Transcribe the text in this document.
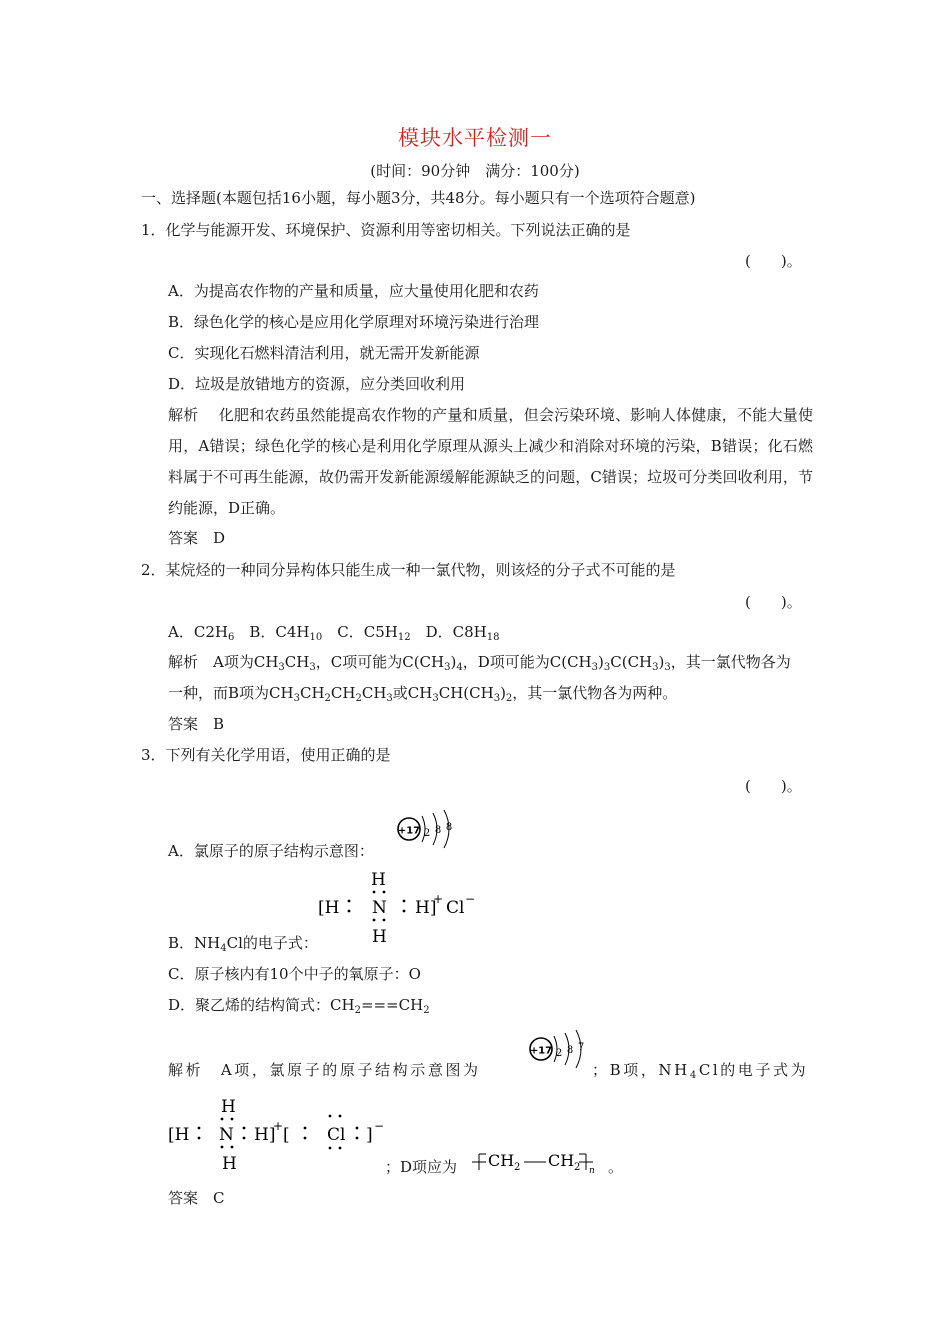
模块水平检测一
(时间：90分钟　满分：100分)
一、选择题(本题包括16小题，每小题3分，共48分。每小题只有一个选项符合题意)
1．化学与能源开发、环境保护、资源利用等密切相关。下列说法正确的是
(　　)。
A．为提高农作物的产量和质量，应大量使用化肥和农药
B．绿色化学的核心是应用化学原理对环境污染进行治理
C．实现化石燃料清洁利用，就无需开发新能源
D．垃圾是放错地方的资源，应分类回收利用
解析　 化肥和农药虽然能提高农作物的产量和质量，但会污染环境、影响人体健康，不能大量使用，A错误；绿色化学的核心是利用化学原理从源头上减少和消除对环境的污染，B错误；化石燃料属于不可再生能源，故仍需开发新能源缓解能源缺乏的问题，C错误；垃圾可分类回收利用，节约能源，D正确。
答案　D
2．某烷烃的一种同分异构体只能生成一种一氯代物，则该烃的分子式不可能的是
(　　)。
A．$C2H_6$　 B．$C4H_{10}$　 C．$C5H_{12}$　 D．$C8H_{18}$
解析　A项为$CH_3CH_3$，C项可能为$C(CH_3)_4$，D项可能为$C(CH_3)_3C(CH_3)_3$，其一氯代物各为
一种，而B项为$CH_3CH_2CH_2CH_3$或$CH_3CH(CH_3)_2$，其一氯代物各为两种。
答案　B
3．下列有关化学用语，使用正确的是
(　　)。
A．氯原子的原子结构示意图：
+17 2 8 8
H
[H N H]
+ Cl −
H
B．$NH_4Cl$的电子式：
C．原子核内有10个中子的氧原子：O
D．聚乙烯的结构简式：$CH_2===CH_2$
解析　 A项，氯原子的原子结构示意图为
+17 2 8 7
；B项，$NH_4Cl$的电子式为
H
[H N H]
+ [ Cl ] −
H	；D项应为 CH 2 CH 2 n 。
答案　C
